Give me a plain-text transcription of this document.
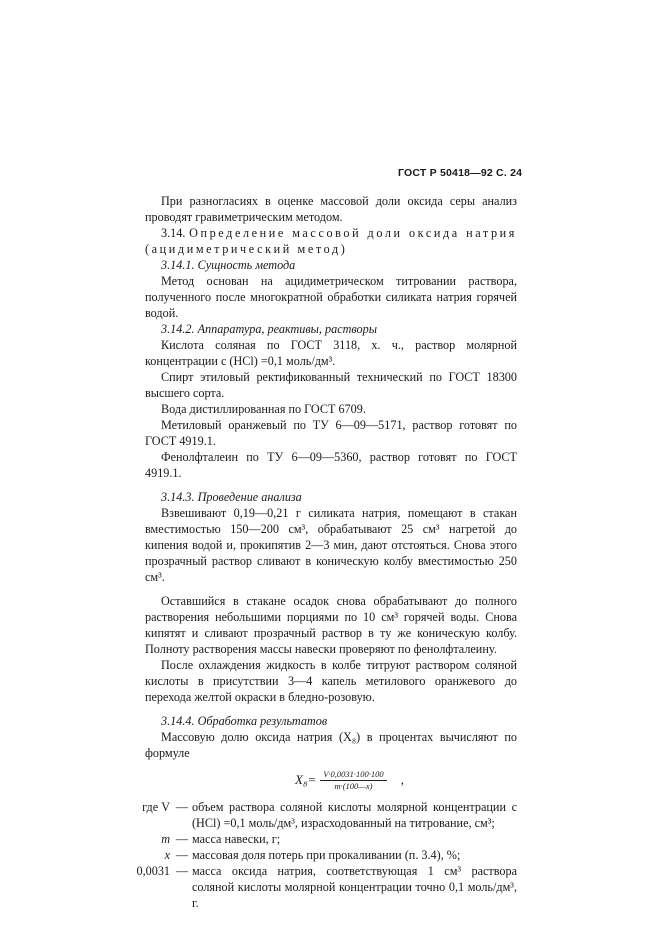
ГОСТ Р 50418—92 С. 24

При разногласиях в оценке массовой доли оксида серы анализ проводят гравиметрическим методом.

3.14. Определение массовой доли оксида натрия (ацидиметрический метод)

3.14.1. Сущность метода

Метод основан на ацидиметрическом титровании раствора, полученного после многократной обработки силиката натрия горячей водой.

3.14.2. Аппаратура, реактивы, растворы

Кислота соляная по ГОСТ 3118, х. ч., раствор молярной концентрации c (HCl) =0,1 моль/дм³.

Спирт этиловый ректификованный технический по ГОСТ 18300 высшего сорта.

Вода дистиллированная по ГОСТ 6709.

Метиловый оранжевый по ТУ 6—09—5171, раствор готовят по ГОСТ 4919.1.

Фенолфталеин по ТУ 6—09—5360, раствор готовят по ГОСТ 4919.1.

3.14.3. Проведение анализа

Взвешивают 0,19—0,21 г силиката натрия, помещают в стакан вместимостью 150—200 см³, обрабатывают 25 см³ нагретой до кипения водой и, прокипятив 2—3 мин, дают отстояться. Снова этого прозрачный раствор сливают в коническую колбу вместимостью 250 см³.

Оставшийся в стакане осадок снова обрабатывают до полного растворения небольшими порциями по 10 см³ горячей воды. Снова кипятят и сливают прозрачный раствор в ту же коническую колбу. Полноту растворения массы навески проверяют по фенолфталеину.

После охлаждения жидкость в колбе титруют раствором соляной кислоты в присутствии 3—4 капель метилового оранжевого до перехода желтой окраски в бледно-розовую.

3.14.4. Обработка результатов

Массовую долю оксида натрия (X₈) в процентах вычисляют по формуле

$X_8= \frac{V\cdot 0,0031\cdot 100\cdot 100}{m\cdot(100—x)}$ ,
где V — объем раствора соляной кислоты молярной концентрации c (HCl) =0,1 моль/дм³, израсходованный на титрование, см³;
m — масса навески, г;
x — массовая доля потерь при прокаливании (п. 3.4), %;
0,0031 — масса оксида натрия, соответствующая 1 см³ раствора соляной кислоты молярной концентрации точно 0,1 моль/дм³, г.
